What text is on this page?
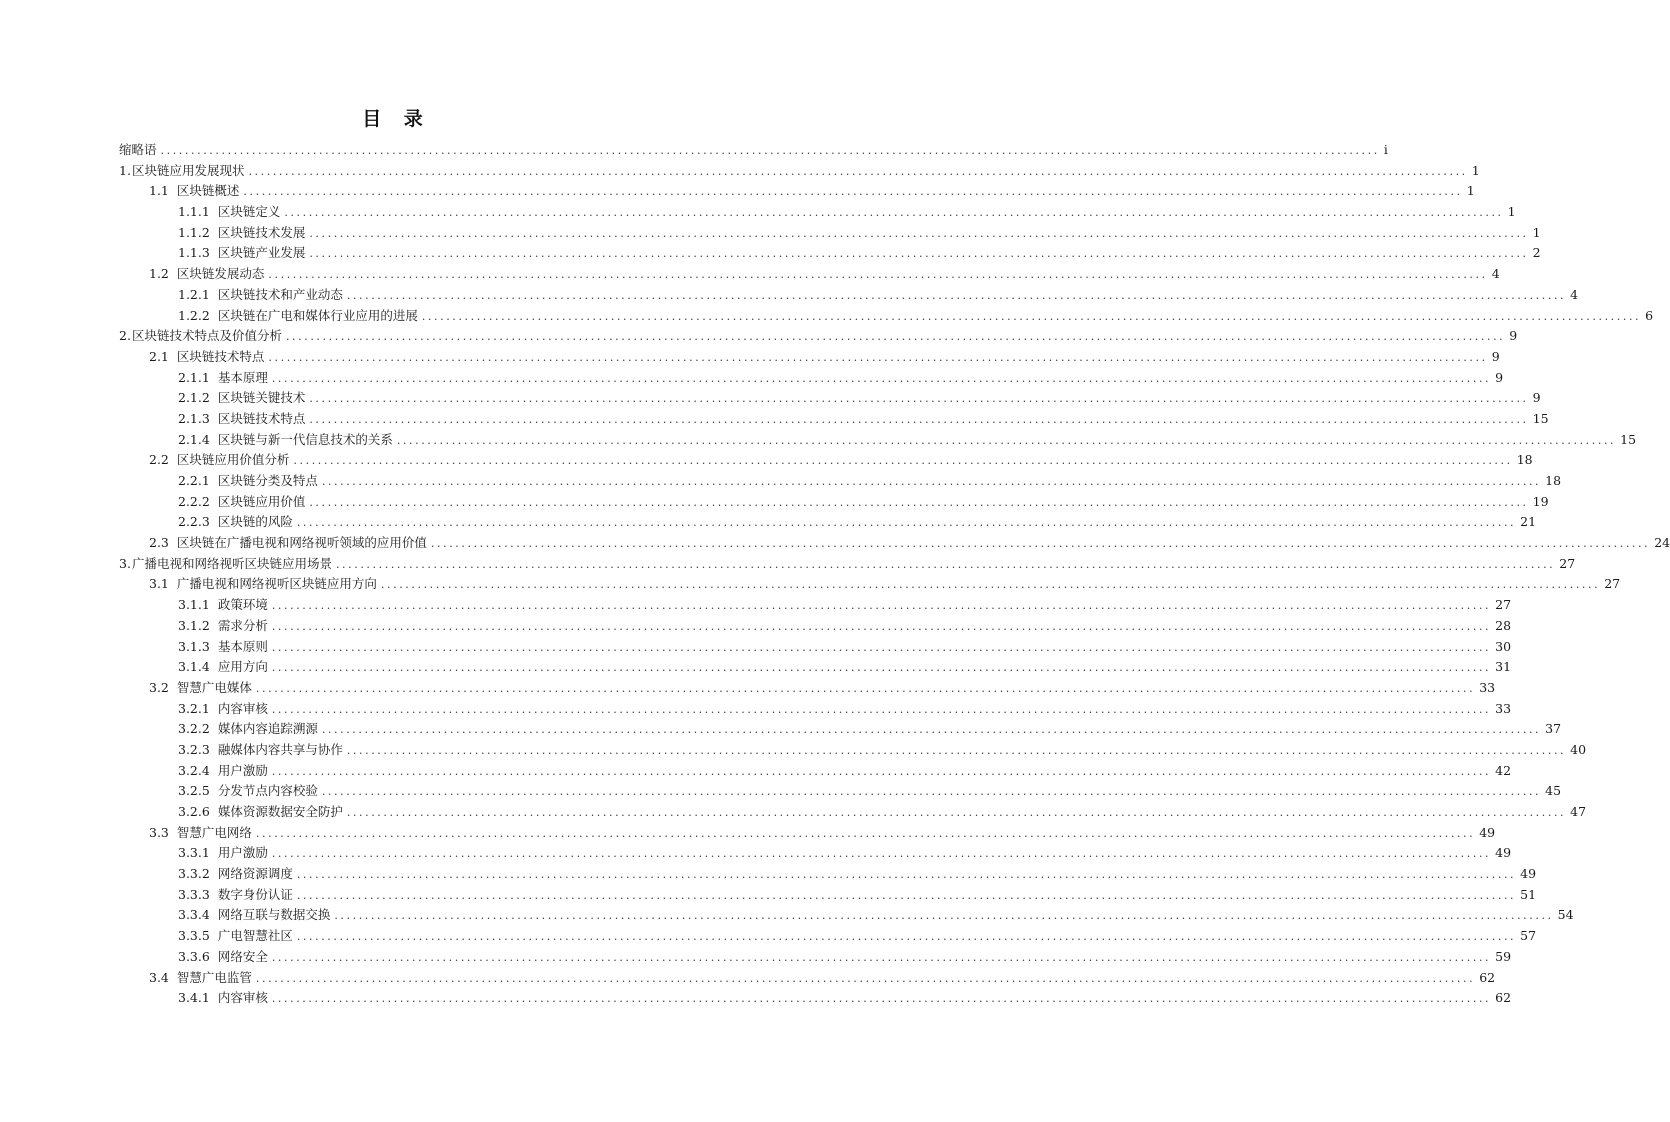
目 录
缩略语 ........................................................................................................................................................................................................ i
1. 区块链应用发展现状 ........................................................................................................................................................................................................ 1
1.1 区块链概述 ........................................................................................................................................................................................................ 1
1.1.1 区块链定义 ........................................................................................................................................................................................................ 1
1.1.2 区块链技术发展 ........................................................................................................................................................................................................ 1
1.1.3 区块链产业发展 ........................................................................................................................................................................................................ 2
1.2 区块链发展动态 ........................................................................................................................................................................................................ 4
1.2.1 区块链技术和产业动态 ........................................................................................................................................................................................................ 4
1.2.2 区块链在广电和媒体行业应用的进展 ........................................................................................................................................................................................................ 6
2. 区块链技术特点及价值分析 ........................................................................................................................................................................................................ 9
2.1 区块链技术特点 ........................................................................................................................................................................................................ 9
2.1.1 基本原理 ........................................................................................................................................................................................................ 9
2.1.2 区块链关键技术 ........................................................................................................................................................................................................ 9
2.1.3 区块链技术特点 ........................................................................................................................................................................................................ 15
2.1.4 区块链与新一代信息技术的关系 ........................................................................................................................................................................................................ 15
2.2 区块链应用价值分析 ........................................................................................................................................................................................................ 18
2.2.1 区块链分类及特点 ........................................................................................................................................................................................................ 18
2.2.2 区块链应用价值 ........................................................................................................................................................................................................ 19
2.2.3 区块链的风险 ........................................................................................................................................................................................................ 21
2.3 区块链在广播电视和网络视听领域的应用价值 ........................................................................................................................................................................................................ 24
3. 广播电视和网络视听区块链应用场景 ........................................................................................................................................................................................................ 27
3.1 广播电视和网络视听区块链应用方向 ........................................................................................................................................................................................................ 27
3.1.1 政策环境 ........................................................................................................................................................................................................ 27
3.1.2 需求分析 ........................................................................................................................................................................................................ 28
3.1.3 基本原则 ........................................................................................................................................................................................................ 30
3.1.4 应用方向 ........................................................................................................................................................................................................ 31
3.2 智慧广电媒体 ........................................................................................................................................................................................................ 33
3.2.1 内容审核 ........................................................................................................................................................................................................ 33
3.2.2 媒体内容追踪溯源 ........................................................................................................................................................................................................ 37
3.2.3 融媒体内容共享与协作 ........................................................................................................................................................................................................ 40
3.2.4 用户激励 ........................................................................................................................................................................................................ 42
3.2.5 分发节点内容校验 ........................................................................................................................................................................................................ 45
3.2.6 媒体资源数据安全防护 ........................................................................................................................................................................................................ 47
3.3 智慧广电网络 ........................................................................................................................................................................................................ 49
3.3.1 用户激励 ........................................................................................................................................................................................................ 49
3.3.2 网络资源调度 ........................................................................................................................................................................................................ 49
3.3.3 数字身份认证 ........................................................................................................................................................................................................ 51
3.3.4 网络互联与数据交换 ........................................................................................................................................................................................................ 54
3.3.5 广电智慧社区 ........................................................................................................................................................................................................ 57
3.3.6 网络安全 ........................................................................................................................................................................................................ 59
3.4 智慧广电监管 ........................................................................................................................................................................................................ 62
3.4.1 内容审核 ........................................................................................................................................................................................................ 62
